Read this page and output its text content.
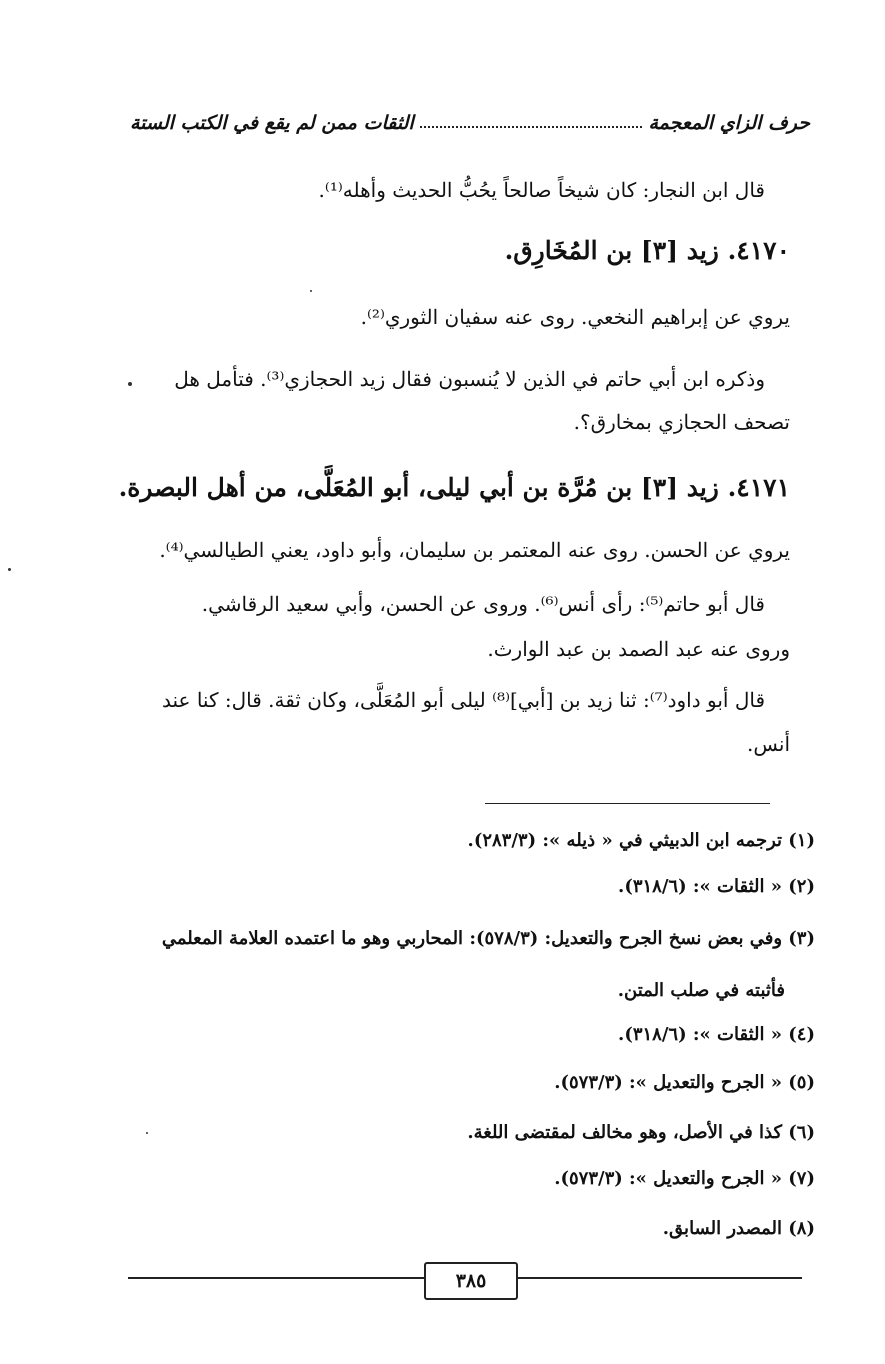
حرف الزاي المعجمة
الثقات ممن لم يقع في الكتب الستة
قال ابن النجار: كان شيخاً صالحاً يحُبُّ الحديث وأهله⁽¹⁾.
٤١٧٠. زيد [٣] بن المُخَارِق.
يروي عن إبراهيم النخعي. روى عنه سفيان الثوري⁽²⁾.
وذكره ابن أبي حاتم في الذين لا يُنسبون فقال زيد الحجازي⁽³⁾. فتأمل هل
تصحف الحجازي بمخارق؟.
٤١٧١. زيد [٣] بن مُرَّة بن أبي ليلى، أبو المُعَلَّى، من أهل البصرة.
يروي عن الحسن. روى عنه المعتمر بن سليمان، وأبو داود، يعني الطيالسي⁽⁴⁾.
قال أبو حاتم⁽⁵⁾: رأى أنس⁽⁶⁾. وروى عن الحسن، وأبي سعيد الرقاشي.
وروى عنه عبد الصمد بن عبد الوارث.
قال أبو داود⁽⁷⁾: ثنا زيد بن [أبي]⁽⁸⁾ ليلى أبو المُعَلَّى، وكان ثقة. قال: كنا عند
أنس.
(١) ترجمه ابن الدبيثي في « ذيله »: (٢٨٣/٣).
(٢) « الثقات »: (٣١٨/٦).
(٣) وفي بعض نسخ الجرح والتعديل: (٥٧٨/٣): المحاربي وهو ما اعتمده العلامة المعلمي
فأثبته في صلب المتن.
(٤) « الثقات »: (٣١٨/٦).
(٥) « الجرح والتعديل »: (٥٧٣/٣).
(٦) كذا في الأصل، وهو مخالف لمقتضى اللغة.
(٧) « الجرح والتعديل »: (٥٧٣/٣).
(٨) المصدر السابق.
٣٨٥
